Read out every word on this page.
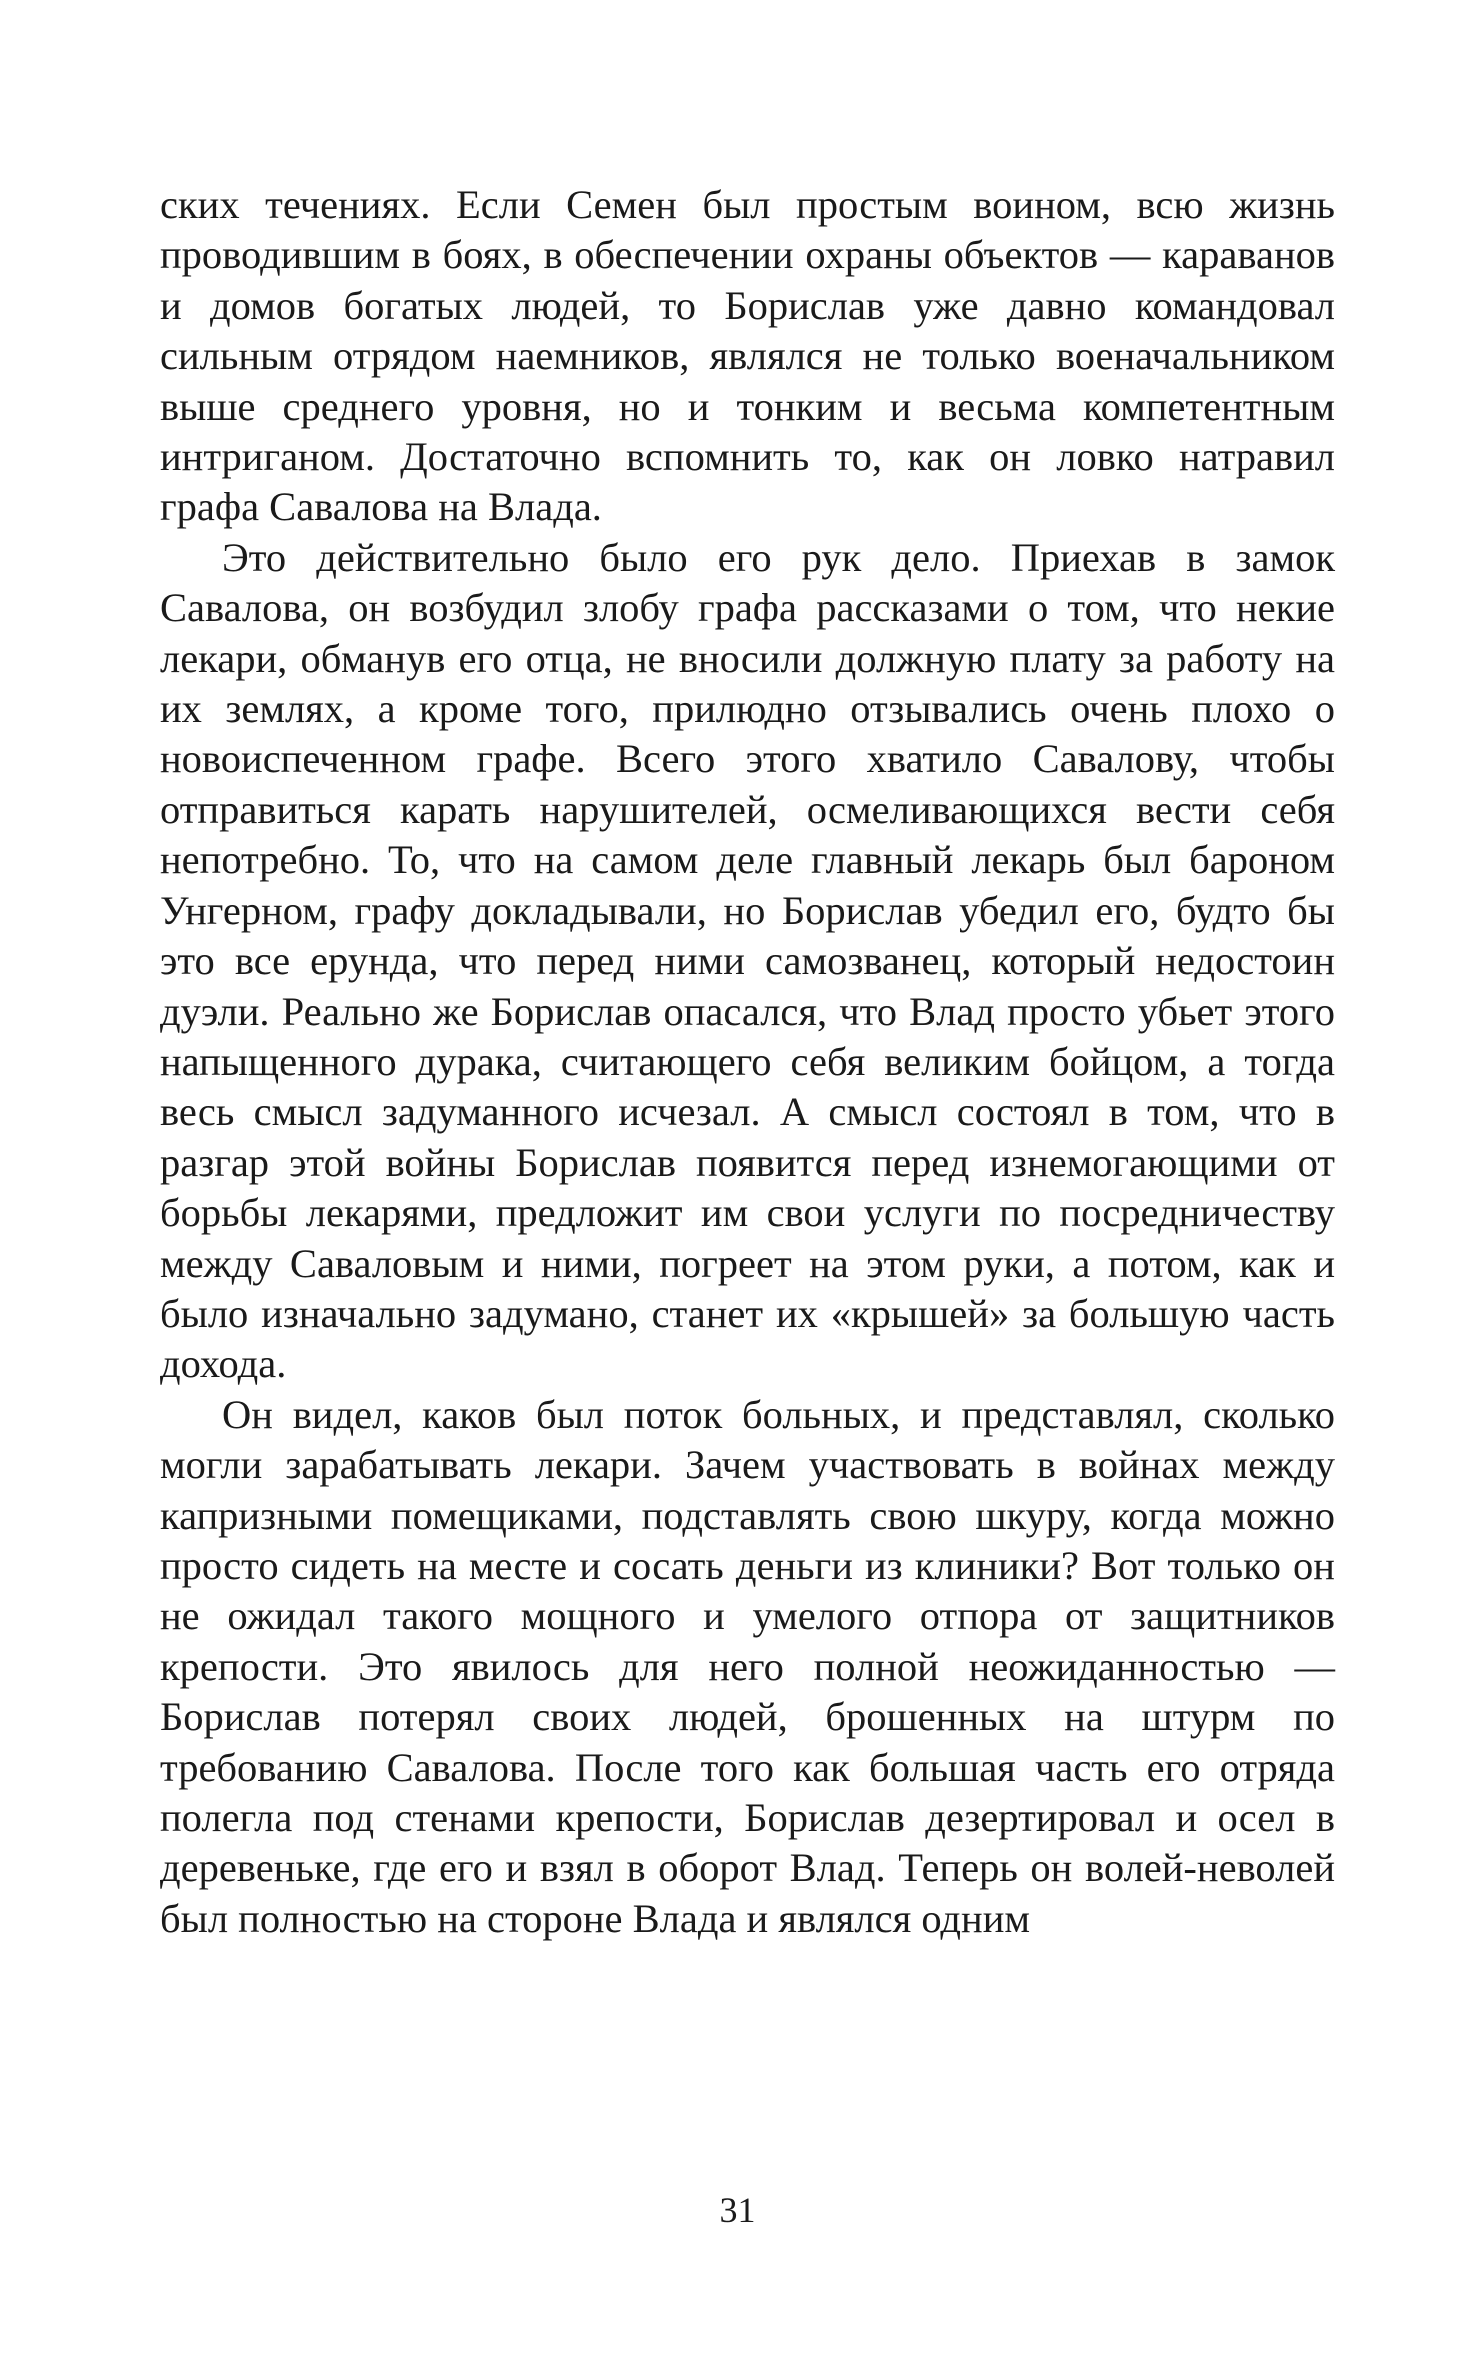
ских течениях. Если Семен был простым воином, всю жизнь проводившим в боях, в обеспечении охраны объектов — караванов и домов богатых людей, то Борислав уже давно командовал сильным отрядом наемников, являлся не только военачальником выше среднего уровня, но и тонким и весьма компетентным интриганом. Достаточно вспомнить то, как он ловко натравил графа Савалова на Влада.

Это действительно было его рук дело. Приехав в замок Савалова, он возбудил злобу графа рассказами о том, что некие лекари, обманув его отца, не вносили должную плату за работу на их землях, а кроме того, прилюдно отзывались очень плохо о новоиспеченном графе. Всего этого хватило Савалову, чтобы отправиться карать нарушителей, осмеливающихся вести себя непотребно. То, что на самом деле главный лекарь был бароном Унгерном, графу докладывали, но Борислав убедил его, будто бы это все ерунда, что перед ними самозванец, который недостоин дуэли. Реально же Борислав опасался, что Влад просто убьет этого напыщенного дурака, считающего себя великим бойцом, а тогда весь смысл задуманного исчезал. А смысл состоял в том, что в разгар этой войны Борислав появится перед изнемогающими от борьбы лекарями, предложит им свои услуги по посредничеству между Саваловым и ними, погреет на этом руки, а потом, как и было изначально задумано, станет их «крышей» за большую часть дохода.

Он видел, каков был поток больных, и представлял, сколько могли зарабатывать лекари. Зачем участвовать в войнах между капризными помещиками, подставлять свою шкуру, когда можно просто сидеть на месте и сосать деньги из клиники? Вот только он не ожидал такого мощного и умелого отпора от защитников крепости. Это явилось для него полной неожиданностью — Борислав потерял своих людей, брошенных на штурм по требованию Савалова. После того как большая часть его отряда полегла под стенами крепости, Борислав дезертировал и осел в деревеньке, где его и взял в оборот Влад. Теперь он волей-неволей был полностью на стороне Влада и являлся одним

31
